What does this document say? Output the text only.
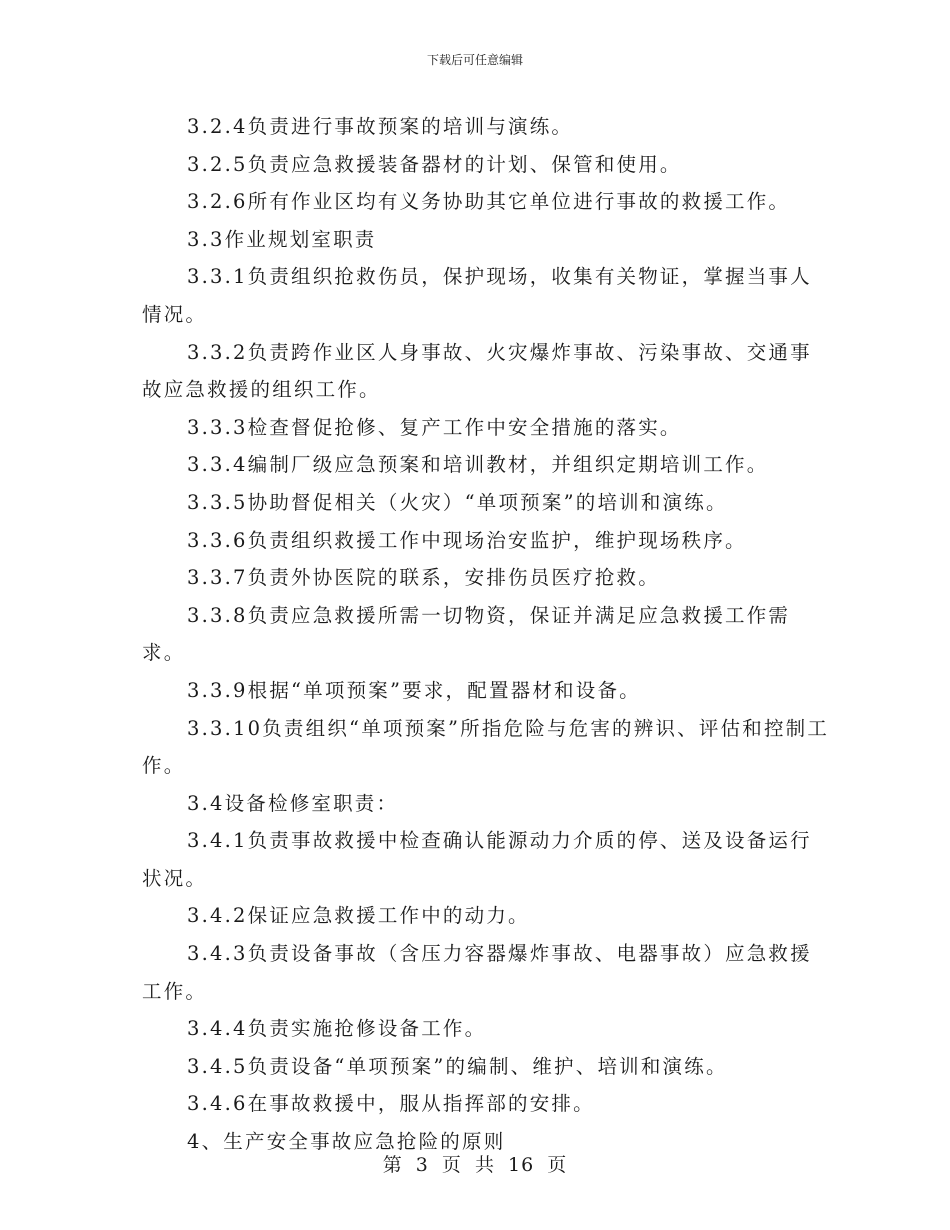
下载后可任意编辑

3.2.4负责进行事故预案的培训与演练。

3.2.5负责应急救援装备器材的计划、保管和使用。

3.2.6所有作业区均有义务协助其它单位进行事故的救援工作。

3.3作业规划室职责

3.3.1负责组织抢救伤员，保护现场，收集有关物证，掌握当事人情况。

3.3.2负责跨作业区人身事故、火灾爆炸事故、污染事故、交通事故应急救援的组织工作。

3.3.3检查督促抢修、复产工作中安全措施的落实。

3.3.4编制厂级应急预案和培训教材，并组织定期培训工作。

3.3.5协助督促相关（火灾）“单项预案”的培训和演练。

3.3.6负责组织救援工作中现场治安监护，维护现场秩序。

3.3.7负责外协医院的联系，安排伤员医疗抢救。

3.3.8负责应急救援所需一切物资，保证并满足应急救援工作需求。

3.3.9根据“单项预案”要求，配置器材和设备。

3.3.10负责组织“单项预案”所指危险与危害的辨识、评估和控制工作。

3.4设备检修室职责：

3.4.1负责事故救援中检查确认能源动力介质的停、送及设备运行状况。

3.4.2保证应急救援工作中的动力。

3.4.3负责设备事故（含压力容器爆炸事故、电器事故）应急救援工作。

3.4.4负责实施抢修设备工作。

3.4.5负责设备“单项预案”的编制、维护、培训和演练。

3.4.6在事故救援中，服从指挥部的安排。

4、生产安全事故应急抢险的原则

第 3 页 共 16 页
